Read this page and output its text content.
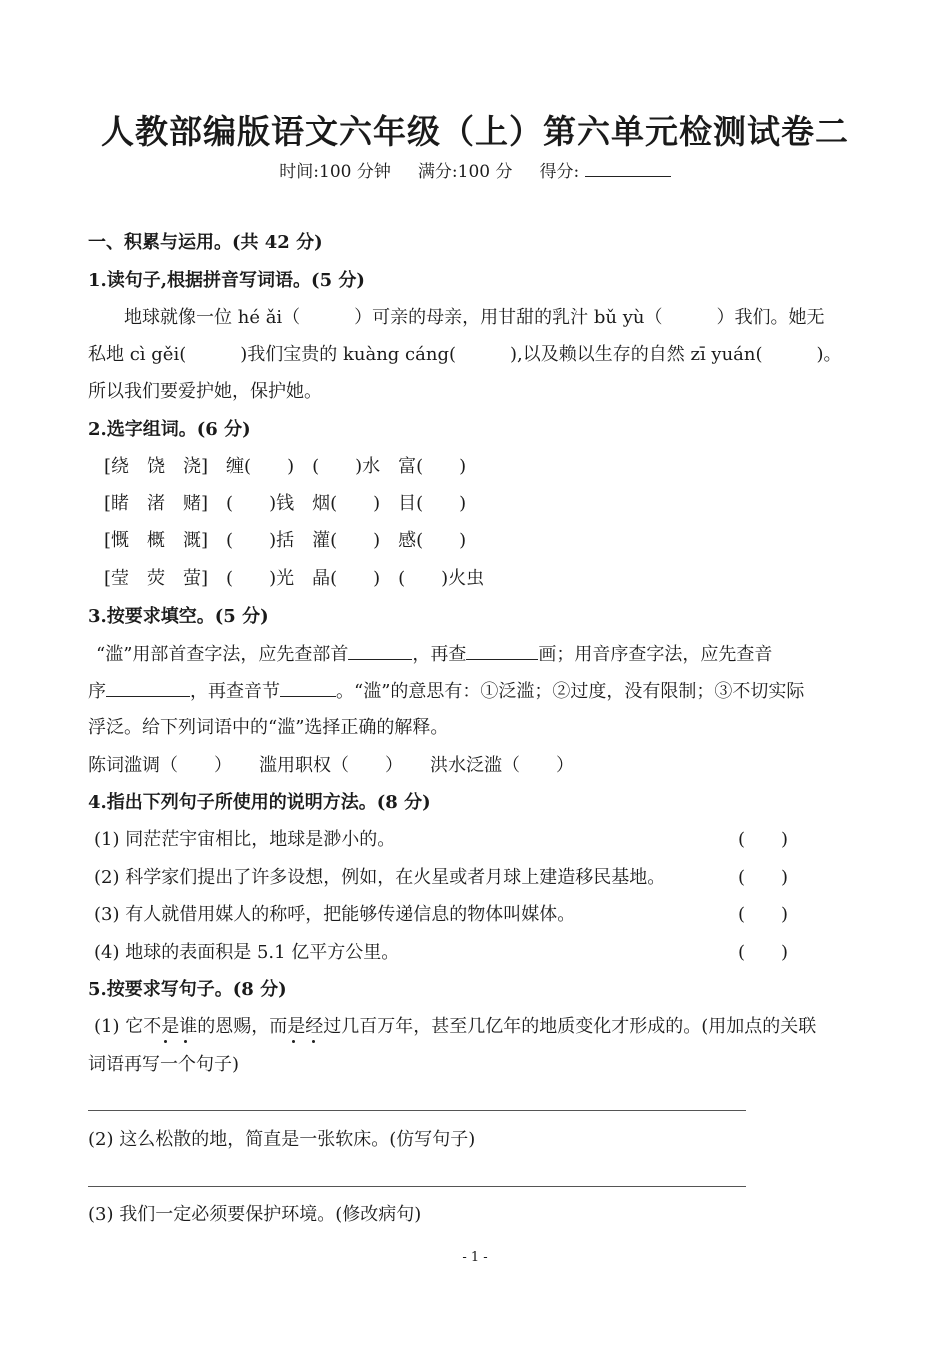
人教部编版语文六年级（上）第六单元检测试卷二
时间:100 分钟 满分:100 分 得分:
一、积累与运用。(共 42 分)
1.读句子,根据拼音写词语。(5 分)
　　地球就像一位 hé ǎi（　　　）可亲的母亲，用甘甜的乳汁 bǔ yù（　　　）我们。她无
私地 cì gěi(　　　)我们宝贵的 kuàng cáng(　　　),以及赖以生存的自然 zī yuán(　　　)。
所以我们要爱护她，保护她。
2.选字组词。(6 分)
[绕　饶　浇]　缠(　　)　(　　)水　富(　　)
[睹　渚　赌]　(　　)钱　烟(　　)　目(　　)
[慨　概　溉]　(　　)括　灌(　　)　感(　　)
[莹　荧　萤]　(　　)光　晶(　　)　(　　)火虫
3.按要求填空。(5 分)
“滥”用部首查字法，应先查部首	，再查	画；用音序查字法，应先查音
序	，再查音节	。“滥”的意思有：①泛滥；②过度，没有限制；③不切实际
浮泛。给下列词语中的“滥”选择正确的解释。
陈词滥调（　　）　　滥用职权（　　）　　洪水泛滥（　　）
4.指出下列句子所使用的说明方法。(8 分)
(1) 同茫茫宇宙相比，地球是渺小的。	(　　)
(2) 科学家们提出了许多设想，例如，在火星或者月球上建造移民基地。	(　　)
(3) 有人就借用媒人的称呼，把能够传递信息的物体叫媒体。	(　　)
(4) 地球的表面积是 5.1 亿平方公里。	(　　)
5.按要求写句子。(8 分)
(1) 它不是谁的恩赐，而是经过几百万年，甚至几亿年的地质变化才形成的。(用加点的关联
词语再写一个句子)
(2) 这么松散的地，简直是一张软床。(仿写句子)
(3) 我们一定必须要保护环境。(修改病句)
- 1 -
